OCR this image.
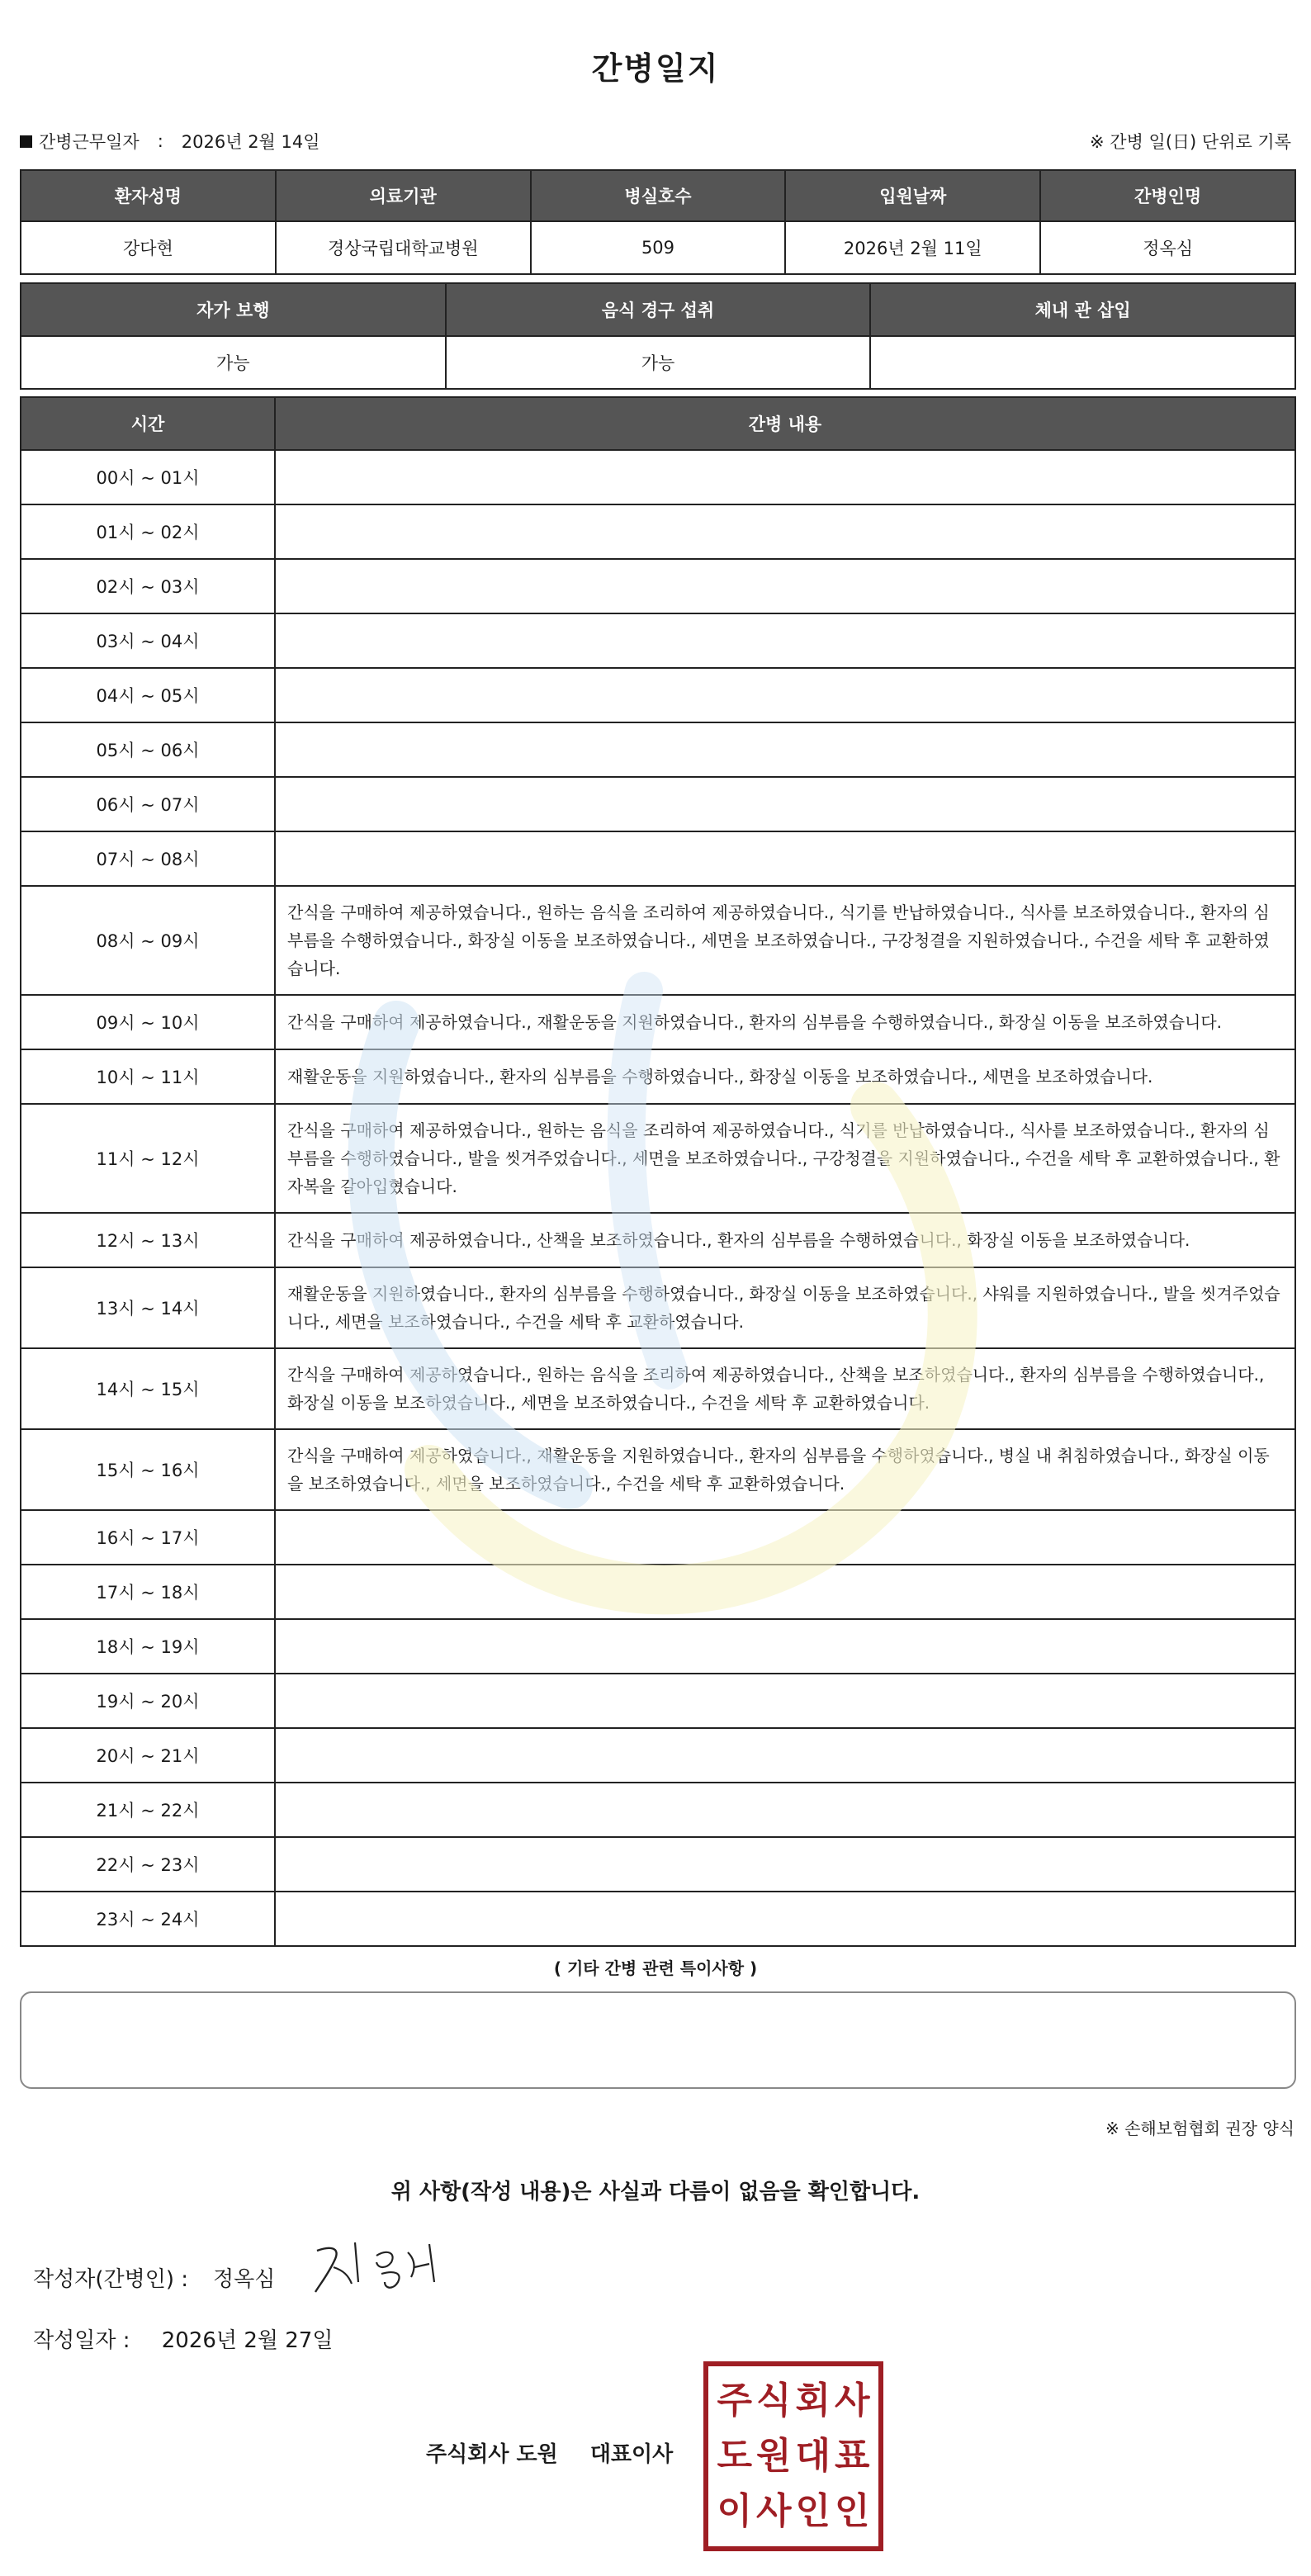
간병일지
간병근무일자 : 2026년 2월 14일	※ 간병 일(日) 단위로 기록
환자성명	의료기관	병실호수	입원날짜	간병인명
강다현	경상국립대학교병원	509	2026년 2월 11일	정옥심
자가 보행	음식 경구 섭취	체내 관 삽입
가능	가능	
시간	간병 내용
00시 ~ 01시	
01시 ~ 02시	
02시 ~ 03시	
03시 ~ 04시	
04시 ~ 05시	
05시 ~ 06시	
06시 ~ 07시	
07시 ~ 08시	
08시 ~ 09시	간식을 구매하여 제공하였습니다., 원하는 음식을 조리하여 제공하였습니다., 식기를 반납하였습니다., 식사를 보조하였습니다., 환자의 심부름을 수행하였습니다., 화장실 이동을 보조하였습니다., 세면을 보조하였습니다., 구강청결을 지원하였습니다., 수건을 세탁 후 교환하였습니다.
09시 ~ 10시	간식을 구매하여 제공하였습니다., 재활운동을 지원하였습니다., 환자의 심부름을 수행하였습니다., 화장실 이동을 보조하였습니다.
10시 ~ 11시	재활운동을 지원하였습니다., 환자의 심부름을 수행하였습니다., 화장실 이동을 보조하였습니다., 세면을 보조하였습니다.
11시 ~ 12시	간식을 구매하여 제공하였습니다., 원하는 음식을 조리하여 제공하였습니다., 식기를 반납하였습니다., 식사를 보조하였습니다., 환자의 심부름을 수행하였습니다., 발을 씻겨주었습니다., 세면을 보조하였습니다., 구강청결을 지원하였습니다., 수건을 세탁 후 교환하였습니다., 환자복을 갈아입혔습니다.
12시 ~ 13시	간식을 구매하여 제공하였습니다., 산책을 보조하였습니다., 환자의 심부름을 수행하였습니다., 화장실 이동을 보조하였습니다.
13시 ~ 14시	재활운동을 지원하였습니다., 환자의 심부름을 수행하였습니다., 화장실 이동을 보조하였습니다., 샤워를 지원하였습니다., 발을 씻겨주었습니다., 세면을 보조하였습니다., 수건을 세탁 후 교환하였습니다.
14시 ~ 15시	간식을 구매하여 제공하였습니다., 원하는 음식을 조리하여 제공하였습니다., 산책을 보조하였습니다., 환자의 심부름을 수행하였습니다., 화장실 이동을 보조하였습니다., 세면을 보조하였습니다., 수건을 세탁 후 교환하였습니다.
15시 ~ 16시	간식을 구매하여 제공하였습니다., 재활운동을 지원하였습니다., 환자의 심부름을 수행하였습니다., 병실 내 취침하였습니다., 화장실 이동을 보조하였습니다., 세면을 보조하였습니다., 수건을 세탁 후 교환하였습니다.
16시 ~ 17시	
17시 ~ 18시	
18시 ~ 19시	
19시 ~ 20시	
20시 ~ 21시	
21시 ~ 22시	
22시 ~ 23시	
23시 ~ 24시	
( 기타 간병 관련 특이사항 )
※ 손해보험협회 권장 양식
위 사항(작성 내용)은 사실과 다름이 없음을 확인합니다.
작성자(간병인) : 정옥심
작성일자 : 2026년 2월 27일
주식회사 도원 대표이사
주 식 회 사
도 원 대 표
이 사 인 인
